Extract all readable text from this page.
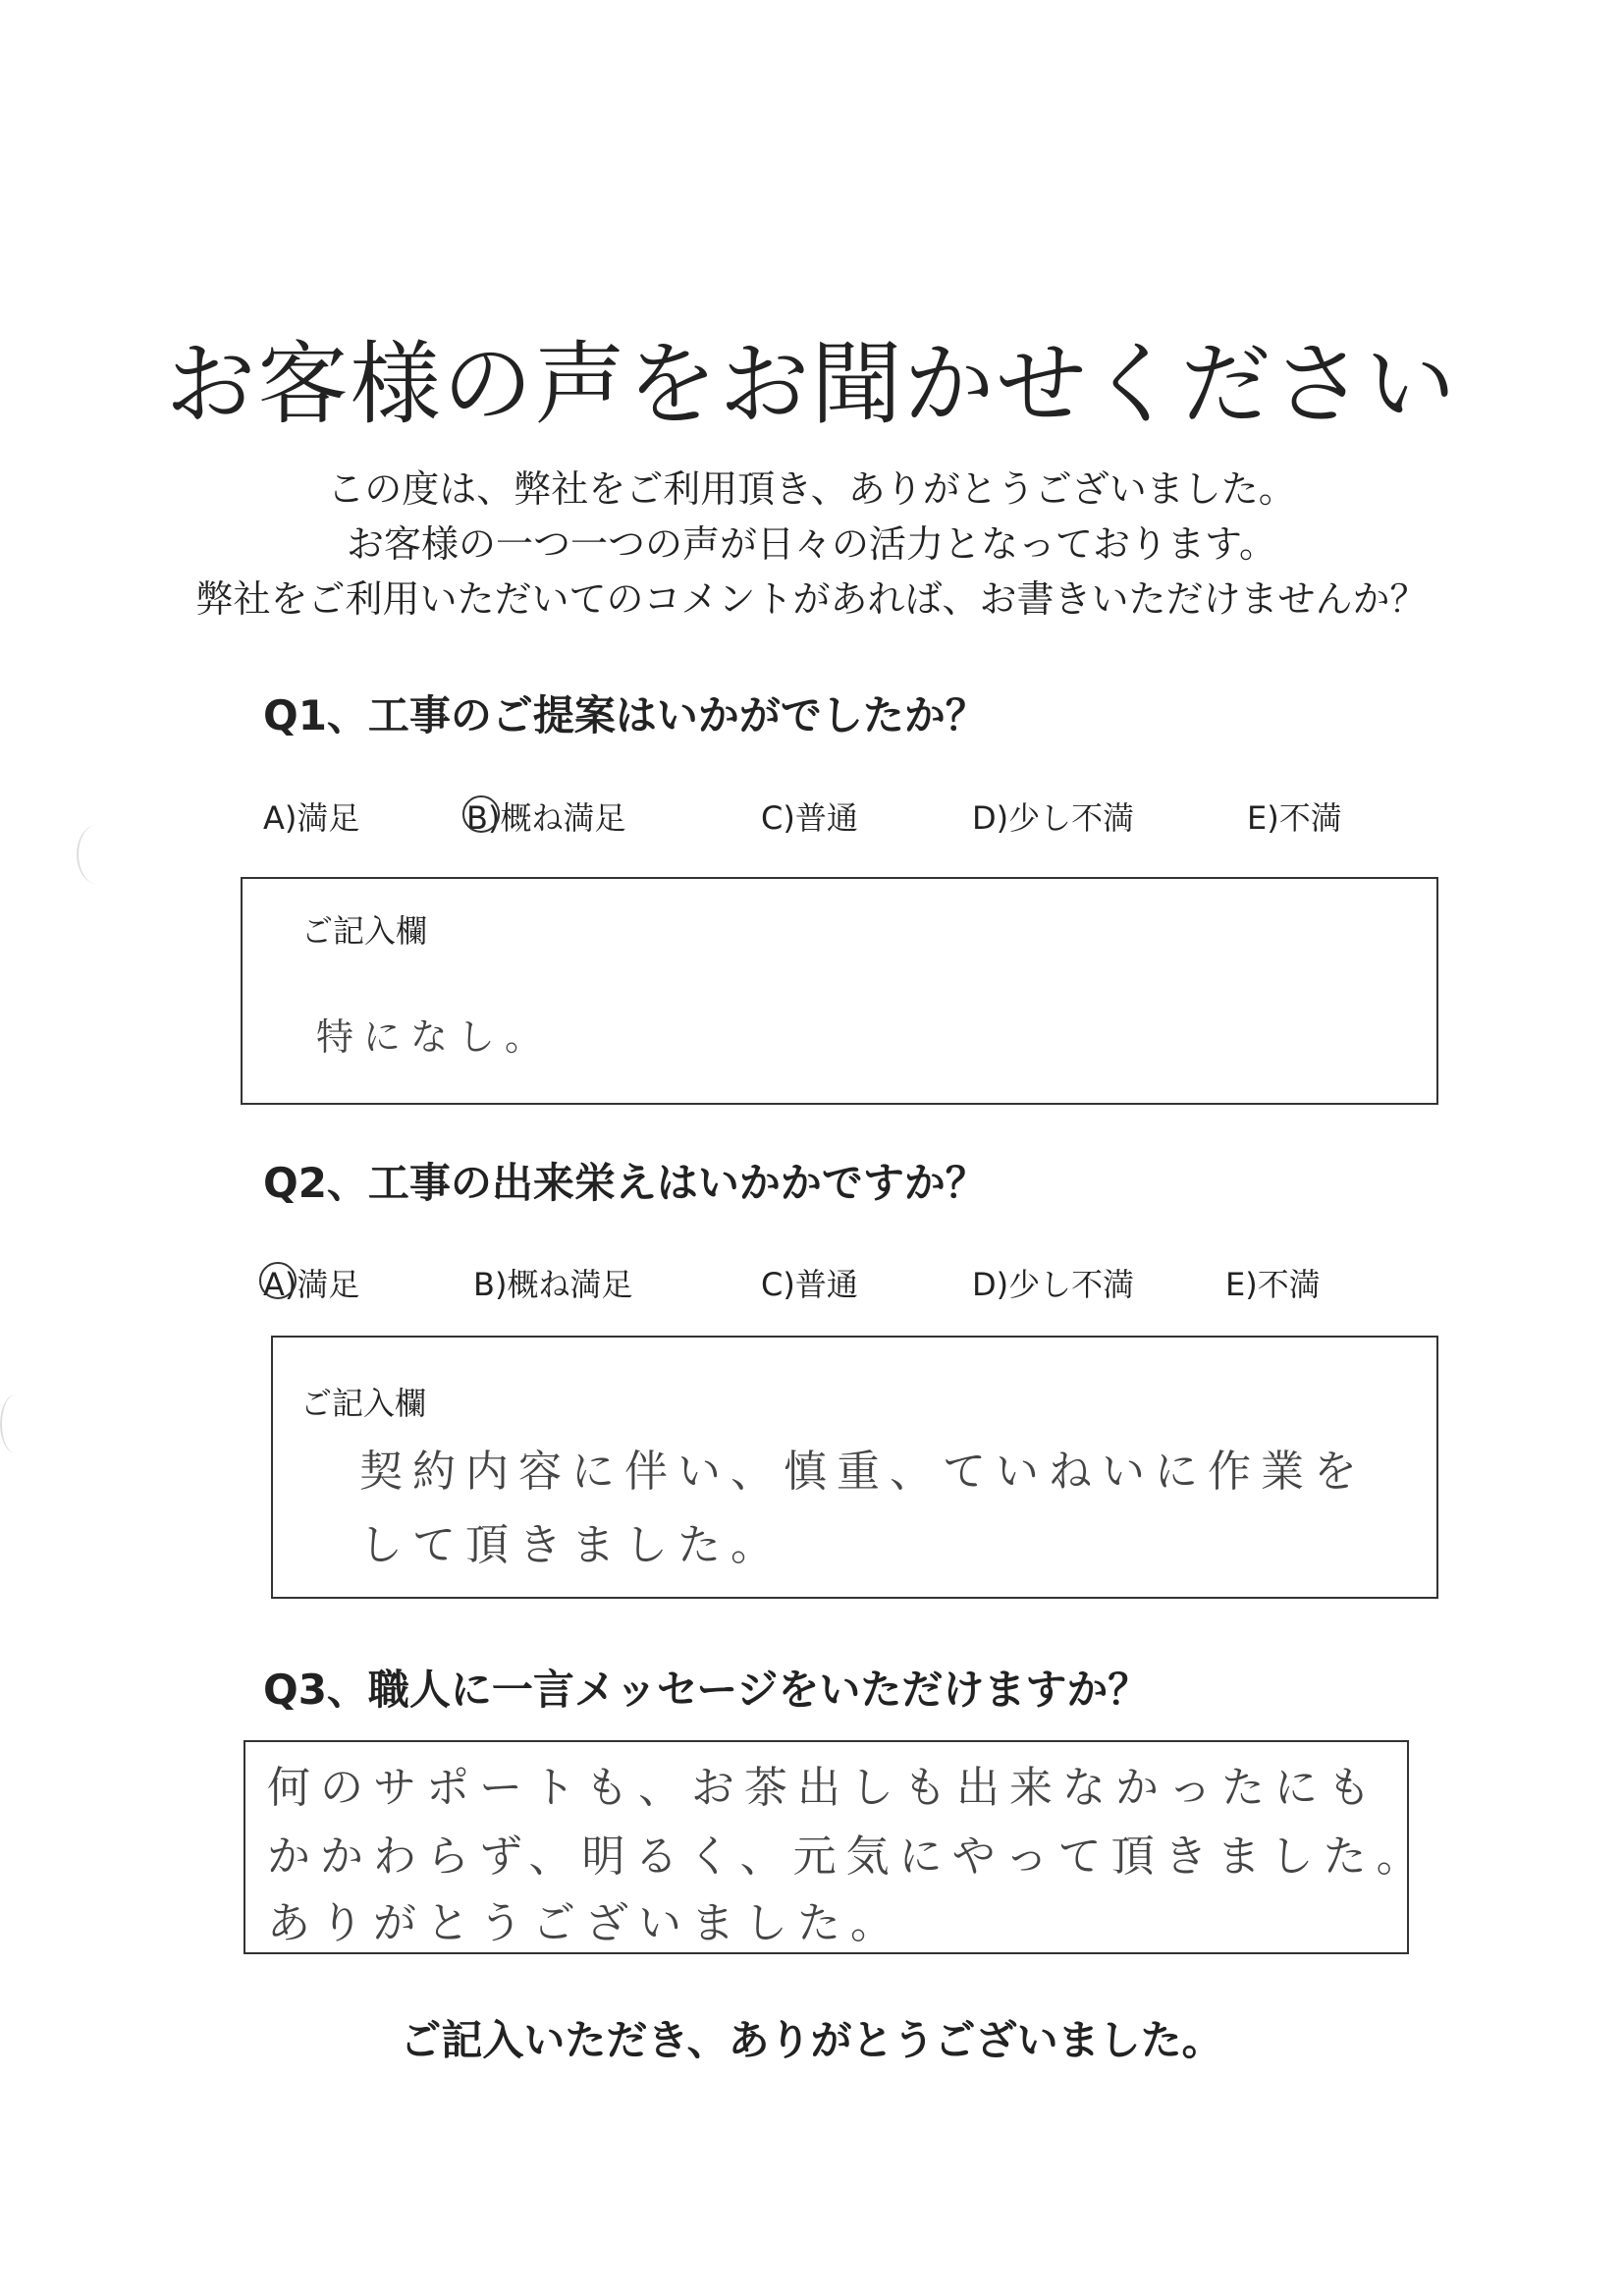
お客様の声をお聞かせください
この度は、弊社をご利用頂き、ありがとうございました。
お客様の一つ一つの声が日々の活力となっております。
弊社をご利用いただいてのコメントがあれば、お書きいただけませんか？
Q1、工事のご提案はいかがでしたか？
A)満足	B)概ね満足	C)普通	D)少し不満	E)不満
ご記入欄
特になし。
Q2、工事の出来栄えはいかかですか？
A)満足	B)概ね満足	C)普通	D)少し不満	E)不満
ご記入欄
契約内容に伴い、慎重、ていねいに作業を
して頂きました。
Q3、職人に一言メッセージをいただけますか？
何のサポートも、お茶出しも出来なかったにも
かかわらず、明るく、元気にやって頂きました。
ありがとうございました。
ご記入いただき、ありがとうございました。
